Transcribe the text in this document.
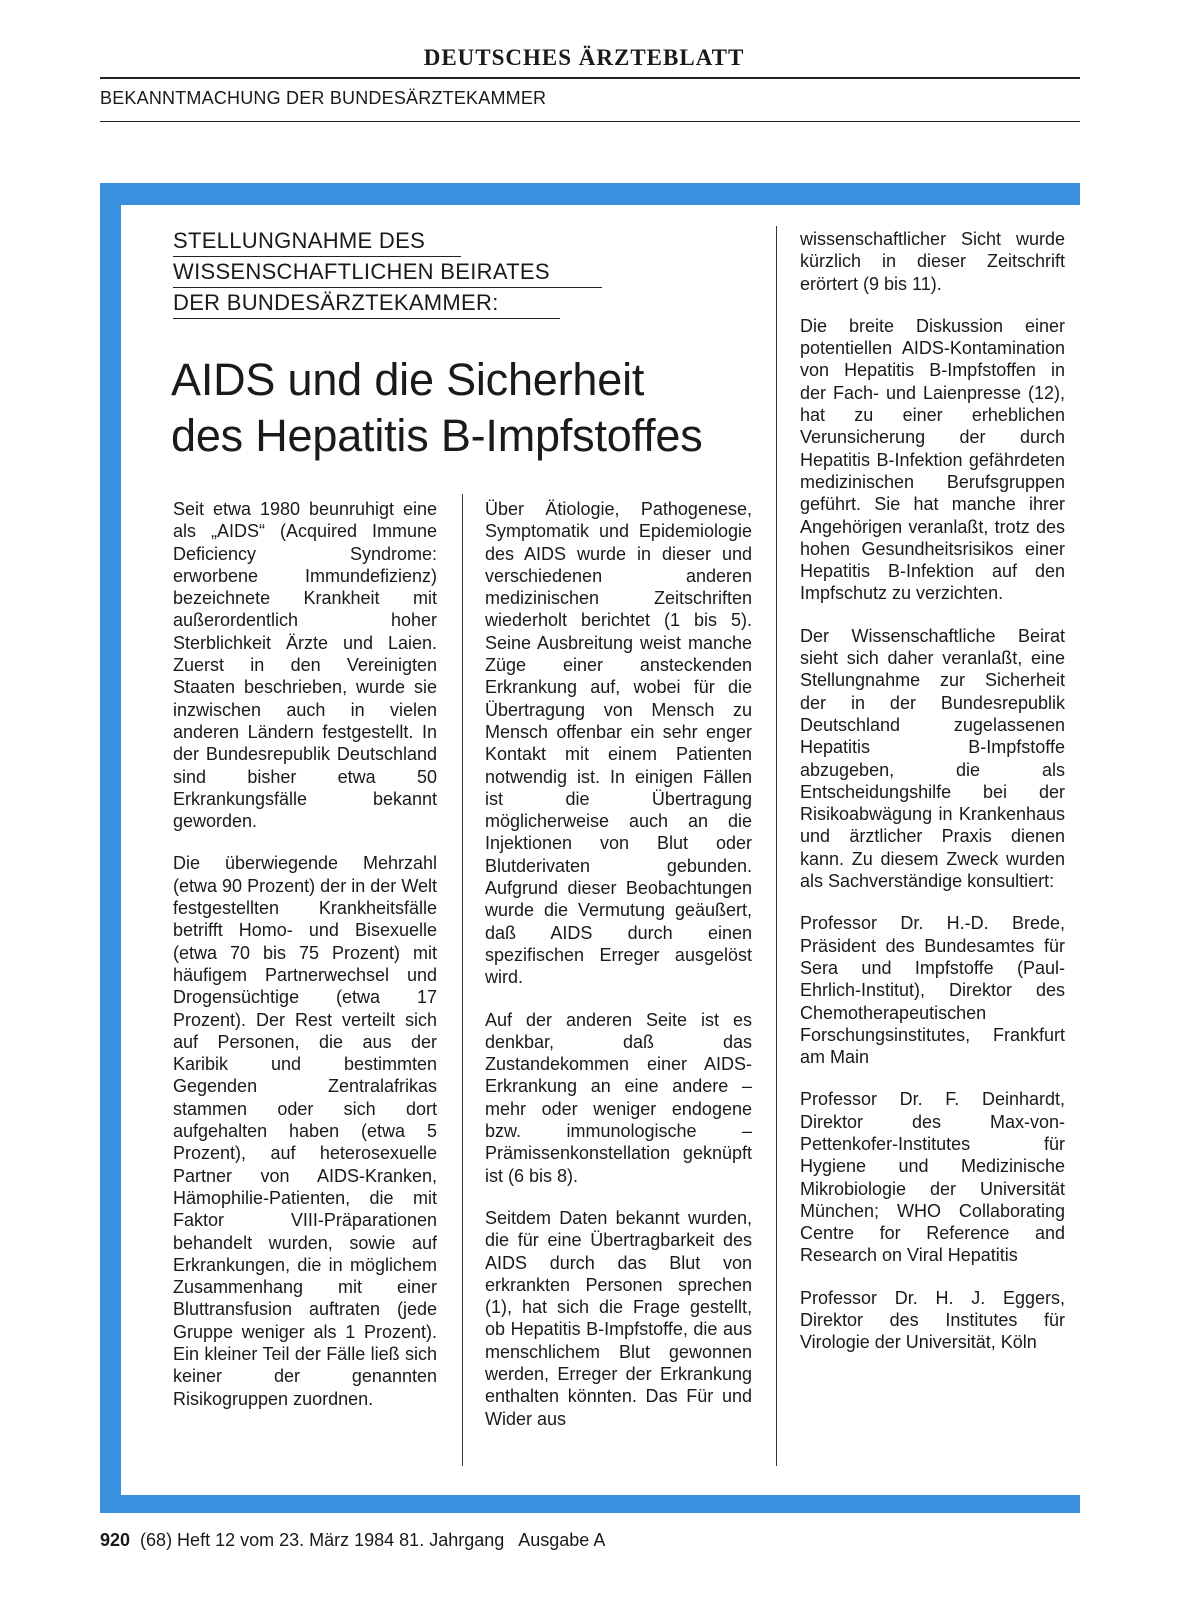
DEUTSCHES ÄRZTEBLATT
BEKANNTMACHUNG DER BUNDESÄRZTEKAMMER
STELLUNGNAHME DES
WISSENSCHAFTLICHEN BEIRATES
DER BUNDESÄRZTEKAMMER:
AIDS und die Sicherheit
des Hepatitis B-Impfstoffes

Seit etwa 1980 beunruhigt eine als „AIDS“ (Acquired Immune Deficiency Syndrome: erworbene Immundefizienz) bezeichnete Krankheit mit außerordentlich hoher Sterblichkeit Ärzte und Laien. Zuerst in den Vereinigten Staaten beschrieben, wurde sie inzwischen auch in vielen anderen Ländern festgestellt. In der Bundesrepublik Deutschland sind bisher etwa 50 Erkrankungsfälle bekannt geworden.

Die überwiegende Mehrzahl (etwa 90 Prozent) der in der Welt festgestellten Krankheitsfälle betrifft Homo- und Bisexuelle (etwa 70 bis 75 Prozent) mit häufigem Partnerwechsel und Drogensüchtige (etwa 17 Prozent). Der Rest verteilt sich auf Personen, die aus der Karibik und bestimmten Gegenden Zentralafrikas stammen oder sich dort aufgehalten haben (etwa 5 Prozent), auf heterosexuelle Partner von AIDS-Kranken, Hämophilie-Patienten, die mit Faktor VIII-Präparationen behandelt wurden, sowie auf Erkrankungen, die in möglichem Zusammenhang mit einer Bluttransfusion auftraten (jede Gruppe weniger als 1 Prozent). Ein kleiner Teil der Fälle ließ sich keiner der genannten Risikogruppen zuordnen.

Über Ätiologie, Pathogenese, Symptomatik und Epidemiologie des AIDS wurde in dieser und verschiedenen anderen medizinischen Zeitschriften wiederholt berichtet (1 bis 5). Seine Ausbreitung weist manche Züge einer ansteckenden Erkrankung auf, wobei für die Übertragung von Mensch zu Mensch offenbar ein sehr enger Kontakt mit einem Patienten notwendig ist. In einigen Fällen ist die Übertragung möglicherweise auch an die Injektionen von Blut oder Blutderivaten gebunden. Aufgrund dieser Beobachtungen wurde die Vermutung geäußert, daß AIDS durch einen spezifischen Erreger ausgelöst wird.

Auf der anderen Seite ist es denkbar, daß das Zustandekommen einer AIDS-Erkrankung an eine andere – mehr oder weniger endogene bzw. immunologische – Prämissenkonstellation geknüpft ist (6 bis 8).

Seitdem Daten bekannt wurden, die für eine Übertragbarkeit des AIDS durch das Blut von erkrankten Personen sprechen (1), hat sich die Frage gestellt, ob Hepatitis B-Impfstoffe, die aus menschlichem Blut gewonnen werden, Erreger der Erkrankung enthalten könnten. Das Für und Wider aus

wissenschaftlicher Sicht wurde kürzlich in dieser Zeitschrift erörtert (9 bis 11).

Die breite Diskussion einer potentiellen AIDS-Kontamination von Hepatitis B-Impfstoffen in der Fach- und Laienpresse (12), hat zu einer erheblichen Verunsicherung der durch Hepatitis B-Infektion gefährdeten medizinischen Berufsgruppen geführt. Sie hat manche ihrer Angehörigen veranlaßt, trotz des hohen Gesundheitsrisikos einer Hepatitis B-Infektion auf den Impfschutz zu verzichten.

Der Wissenschaftliche Beirat sieht sich daher veranlaßt, eine Stellungnahme zur Sicherheit der in der Bundesrepublik Deutschland zugelassenen Hepatitis B-Impfstoffe abzugeben, die als Entscheidungshilfe bei der Risikoabwägung in Krankenhaus und ärztlicher Praxis dienen kann. Zu diesem Zweck wurden als Sachverständige konsultiert:

Professor Dr. H.-D. Brede, Präsident des Bundesamtes für Sera und Impfstoffe (Paul-Ehrlich-Institut), Direktor des Chemotherapeutischen Forschungsinstitutes, Frankfurt am Main

Professor Dr. F. Deinhardt, Direktor des Max-von-Pettenkofer-Institutes für Hygiene und Medizinische Mikrobiologie der Universität München; WHO Collaborating Centre for Reference and Research on Viral Hepatitis

Professor Dr. H. J. Eggers, Direktor des Institutes für Virologie der Universität, Köln

920 (68) Heft 12 vom 23. März 1984 81. Jahrgang Ausgabe A
